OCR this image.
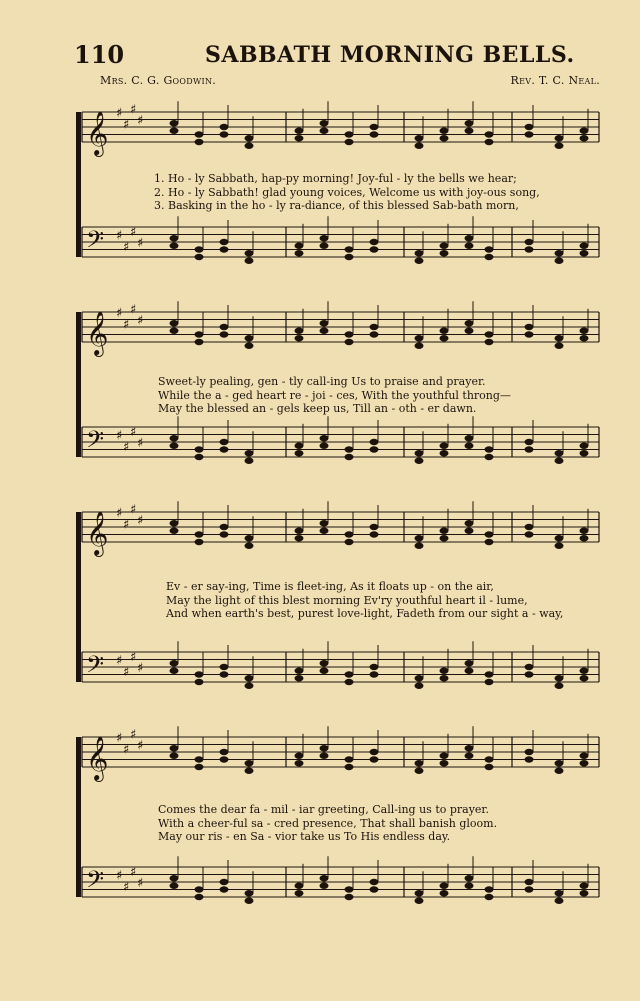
110	SABBATH MORNING BELLS.
Mrs. C. G. Goodwin.	Rev. T. C. Neal.
𝄞 ♯
♯
♯
♯
𝄢 ♯
♯
♯
♯
1. Ho - ly Sabbath, hap-py morning! Joy-ful - ly the bells we hear;
2. Ho - ly Sabbath! glad young voices, Welcome us with joy-ous song,
3. Basking in the ho - ly ra-diance, of this blessed Sab-bath morn,
𝄞 ♯
♯
♯
♯
𝄢 ♯
♯
♯
♯
Sweet-ly pealing, gen - tly call-ing Us to praise and prayer.
While the a - ged heart re - joi - ces, With the youthful throng—
May the blessed an - gels keep us, Till an - oth - er dawn.
𝄞 ♯
♯
♯
♯
𝄢 ♯
♯
♯
♯
Ev - er say-ing, Time is fleet-ing, As it floats up - on the air,
May the light of this blest morning Ev'ry youthful heart il - lume,
And when earth's best, purest love-light, Fadeth from our sight a - way,
𝄞 ♯
♯
♯
♯
𝄢 ♯
♯
♯
♯
Comes the dear fa - mil - iar greeting, Call-ing us to prayer.
With a cheer-ful sa - cred presence, That shall banish gloom.
May our ris - en Sa - vior take us To His endless day.
